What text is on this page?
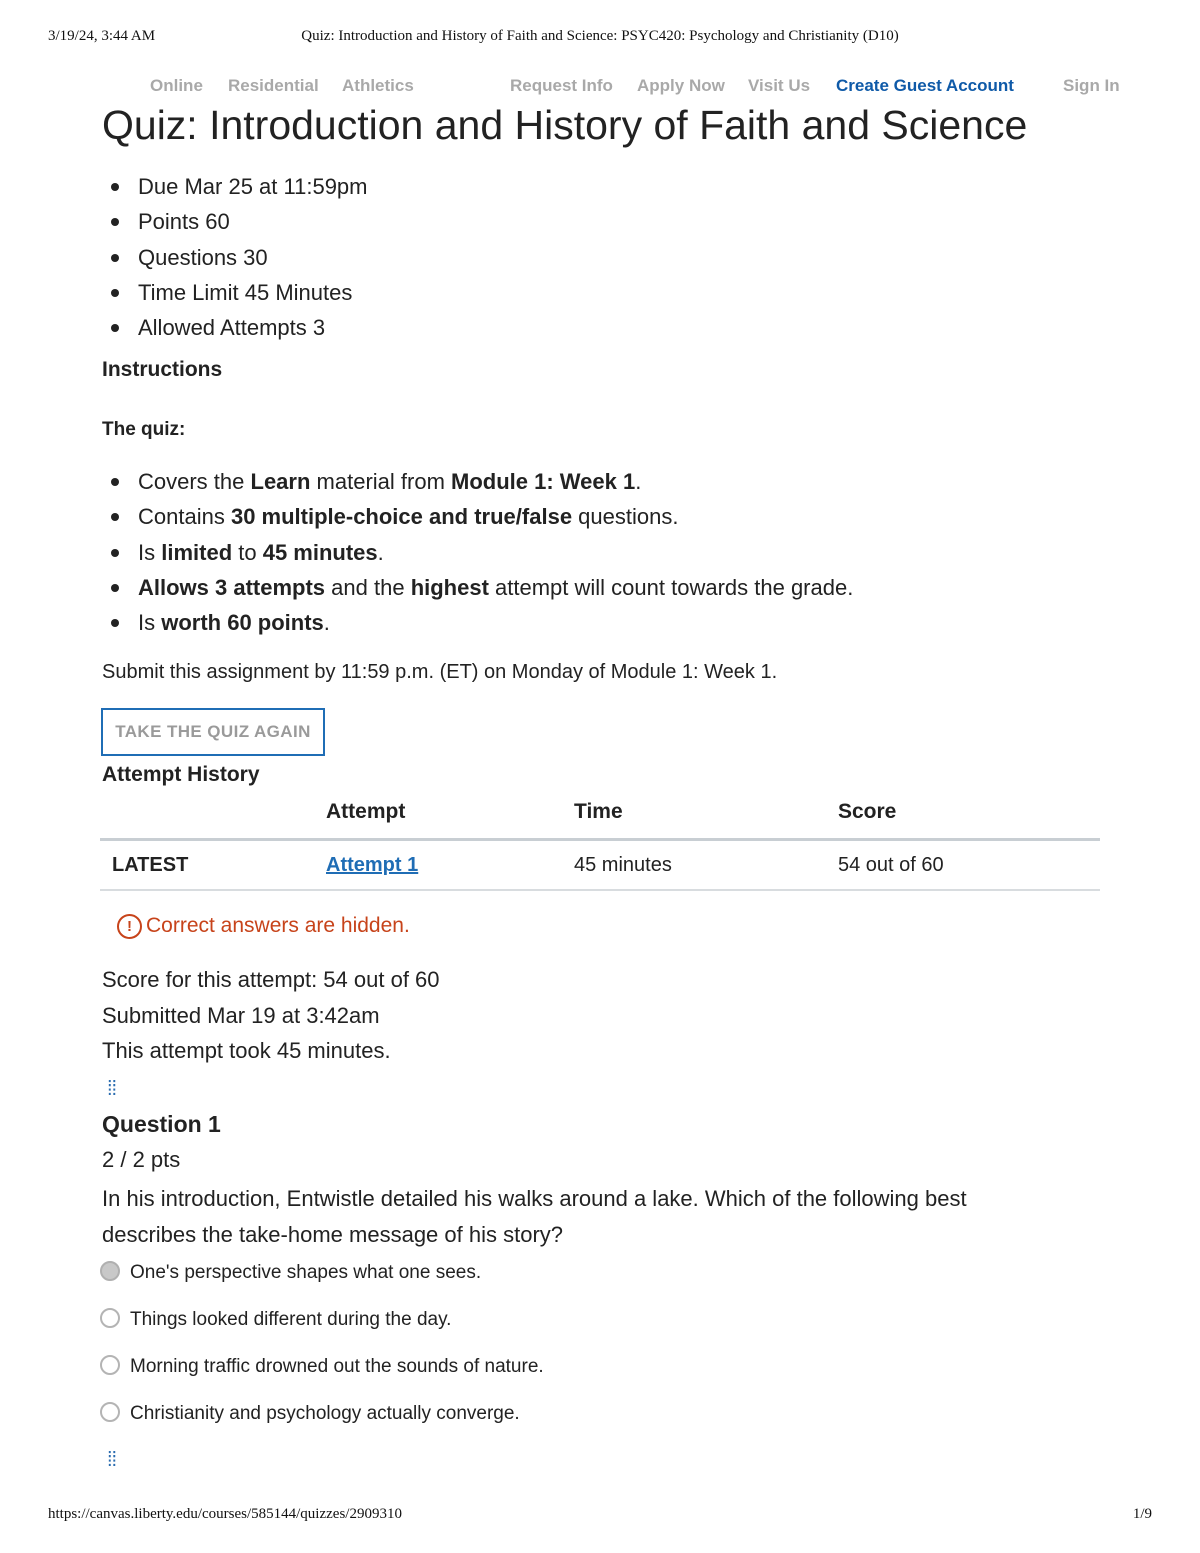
3/19/24, 3:44 AM	Quiz: Introduction and History of Faith and Science: PSYC420: Psychology and Christianity (D10)
Online Residential Athletics	Request Info Apply Now Visit Us Create Guest Account	Sign In
Quiz: Introduction and History of Faith and Science
Due Mar 25 at 11:59pm
Points 60
Questions 30
Time Limit 45 Minutes
Allowed Attempts 3
Instructions
The quiz:
Covers the Learn material from Module 1: Week 1.
Contains 30 multiple-choice and true/false questions.
Is limited to 45 minutes.
Allows 3 attempts and the highest attempt will count towards the grade.
Is worth 60 points.
Submit this assignment by 11:59 p.m. (ET) on Monday of Module 1: Week 1.
TAKE THE QUIZ AGAIN
Attempt History
	Attempt	Time	Score
LATEST	Attempt 1	45 minutes	54 out of 60
! Correct answers are hidden.
Score for this attempt: 54 out of 60
Submitted Mar 19 at 3:42am
This attempt took 45 minutes.
⁞⁞
Question 1
2 / 2 pts

In his introduction, Entwistle detailed his walks around a lake. Which of the following best describes the take-home message of his story?

One's perspective shapes what one sees.
Things looked different during the day.
Morning traffic drowned out the sounds of nature.
Christianity and psychology actually converge.
⁞⁞
https://canvas.liberty.edu/courses/585144/quizzes/2909310	1/9
